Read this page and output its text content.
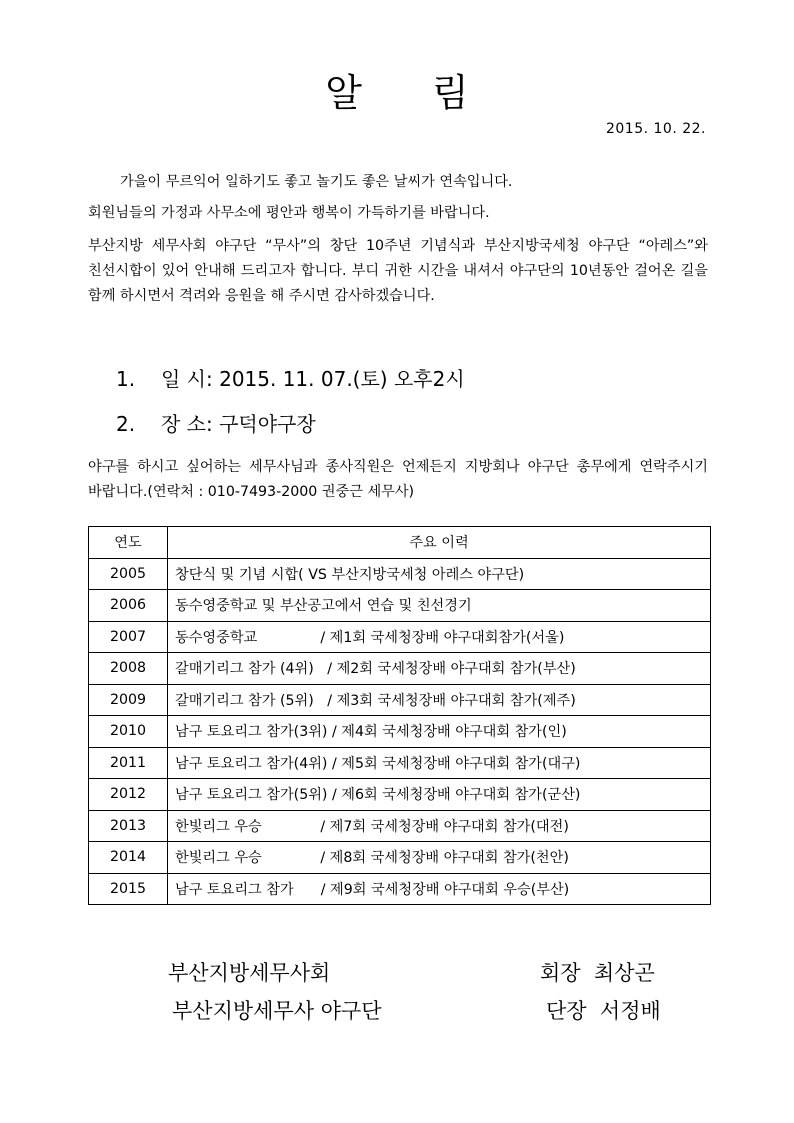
알 림
2015. 10. 22.
가을이 무르익어 일하기도 좋고 놀기도 좋은 날씨가 연속입니다.
회원님들의 가정과 사무소에 평안과 행복이 가득하기를 바랍니다.
부산지방 세무사회 야구단 “무사”의 창단 10주년 기념식과 부산지방국세청 야구단 “아레스”와 친선시합이 있어 안내해 드리고자 합니다. 부디 귀한 시간을 내셔서 야구단의 10년동안 걸어온 길을 함께 하시면서 격려와 응원을 해 주시면 감사하겠습니다.
1. 일 시: 2015. 11. 07.(토) 오후2시
2. 장 소: 구덕야구장
야구를 하시고 싶어하는 세무사님과 종사직원은 언제든지 지방회나 야구단 총무에게 연락주시기 바랍니다.(연락처 : 010-7493-2000 권중근 세무사)
연도	주요 이력
2005	창단식 및 기념 시합( VS 부산지방국세청 아레스 야구단)
2006	동수영중학교 및 부산공고에서 연습 및 친선경기
2007	동수영중학교              / 제1회 국세청장배 야구대회참가(서울)
2008	갈매기리그 참가 (4위)   / 제2회 국세청장배 야구대회 참가(부산)
2009	갈매기리그 참가 (5위)   / 제3회 국세청장배 야구대회 참가(제주)
2010	남구 토요리그 참가(3위) / 제4회 국세청장배 야구대회 참가(인)
2011	남구 토요리그 참가(4위) / 제5회 국세청장배 야구대회 참가(대구)
2012	남구 토요리그 참가(5위) / 제6회 국세청장배 야구대회 참가(군산)
2013	한빛리그 우승             / 제7회 국세청장배 야구대회 참가(대전)
2014	한빛리그 우승             / 제8회 국세청장배 야구대회 참가(천안)
2015	남구 토요리그 참가      / 제9회 국세청장배 야구대회 우승(부산)
부산지방세무사회
부산지방세무사 야구단
회장  최상곤
단장  서정배
